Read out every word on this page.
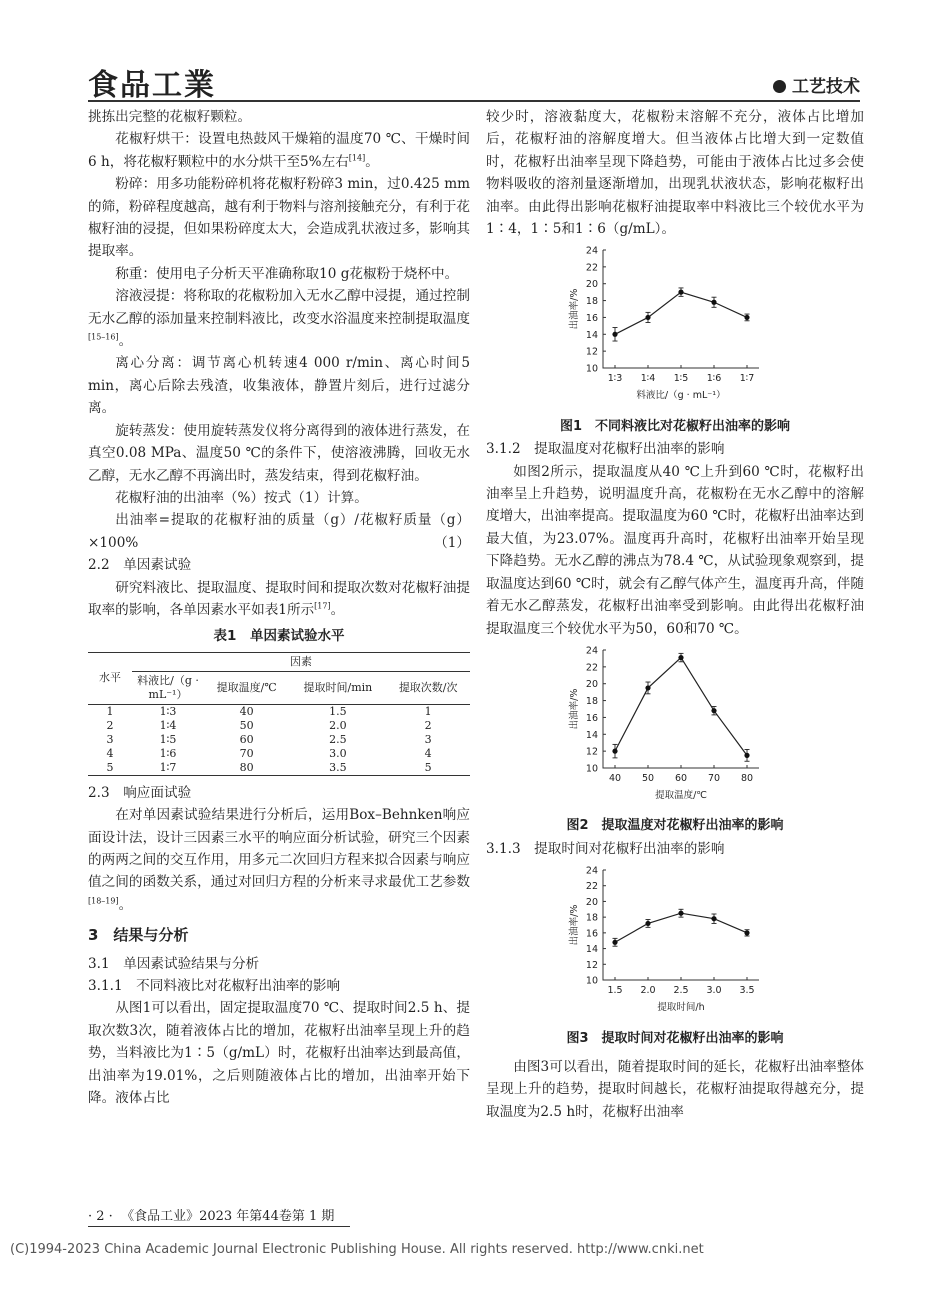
食品工業	工艺技术

挑拣出完整的花椒籽颗粒。

花椒籽烘干：设置电热鼓风干燥箱的温度70 ℃、干燥时间6 h，将花椒籽颗粒中的水分烘干至5%左右[14]。

粉碎：用多功能粉碎机将花椒籽粉碎3 min，过0.425 mm的筛，粉碎程度越高，越有利于物料与溶剂接触充分，有利于花椒籽油的浸提，但如果粉碎度太大，会造成乳状液过多，影响其提取率。

称重：使用电子分析天平准确称取10 g花椒粉于烧杯中。

溶液浸提：将称取的花椒粉加入无水乙醇中浸提，通过控制无水乙醇的添加量来控制料液比，改变水浴温度来控制提取温度[15–16]。

离心分离：调节离心机转速4 000 r/min、离心时间5 min，离心后除去残渣，收集液体，静置片刻后，进行过滤分离。

旋转蒸发：使用旋转蒸发仪将分离得到的液体进行蒸发，在真空0.08 MPa、温度50 ℃的条件下，使溶液沸腾，回收无水乙醇，无水乙醇不再滴出时，蒸发结束，得到花椒籽油。

花椒籽油的出油率（%）按式（1）计算。

出油率=提取的花椒籽油的质量（g）/花椒籽质量（g）×100%	（1）

2.2　单因素试验

研究料液比、提取温度、提取时间和提取次数对花椒籽油提取率的影响，各单因素水平如表1所示[17]。

表1　单因素试验水平
水平	因素			
	料液比/（g · mL⁻¹）	提取温度/℃	提取时间/min	提取次数/次
1	1∶3	40	1.5	1
2	1∶4	50	2.0	2
3	1∶5	60	2.5	3
4	1∶6	70	3.0	4
5	1∶7	80	3.5	5

2.3　响应面试验

在对单因素试验结果进行分析后，运用Box–Behnken响应面设计法，设计三因素三水平的响应面分析试验，研究三个因素的两两之间的交互作用，用多元二次回归方程来拟合因素与响应值之间的函数关系，通过对回归方程的分析来寻求最优工艺参数[18–19]。

3　结果与分析

3.1　单因素试验结果与分析

3.1.1　不同料液比对花椒籽出油率的影响

从图1可以看出，固定提取温度70 ℃、提取时间2.5 h、提取次数3次，随着液体占比的增加，花椒籽出油率呈现上升的趋势，当料液比为1∶5（g/mL）时，花椒籽出油率达到最高值，出油率为19.01%，之后则随液体占比的增加，出油率开始下降。液体占比

较少时，溶液黏度大，花椒粉末溶解不充分，液体占比增加后，花椒籽油的溶解度增大。但当液体占比增大到一定数值时，花椒籽出油率呈现下降趋势，可能由于液体占比过多会使物料吸收的溶剂量逐渐增加，出现乳状液状态，影响花椒籽出油率。由此得出影响花椒籽油提取率中料液比三个较优水平为1∶4，1∶5和1∶6（g/mL）。

10
12
14
16
18
20
22
24
1∶3 1∶4 1∶5 1∶6 1∶7
料液比/（g · mL⁻¹）
出油率/%
图1　不同料液比对花椒籽出油率的影响

3.1.2　提取温度对花椒籽出油率的影响

如图2所示，提取温度从40 ℃上升到60 ℃时，花椒籽出油率呈上升趋势，说明温度升高，花椒粉在无水乙醇中的溶解度增大，出油率提高。提取温度为60 ℃时，花椒籽出油率达到最大值，为23.07%。温度再升高时，花椒籽出油率开始呈现下降趋势。无水乙醇的沸点为78.4 ℃，从试验现象观察到，提取温度达到60 ℃时，就会有乙醇气体产生，温度再升高，伴随着无水乙醇蒸发，花椒籽出油率受到影响。由此得出花椒籽油提取温度三个较优水平为50，60和70 ℃。

10
12
14
16
18
20
22
24
40 50 60 70 80
提取温度/℃
出油率/%
图2　提取温度对花椒籽出油率的影响

3.1.3　提取时间对花椒籽出油率的影响

10
12
14
16
18
20
22
24
1.5 2.0 2.5 3.0 3.5
提取时间/h
出油率/%
图3　提取时间对花椒籽出油率的影响

由图3可以看出，随着提取时间的延长，花椒籽出油率整体呈现上升的趋势，提取时间越长，花椒籽油提取得越充分，提取温度为2.5 h时，花椒籽出油率

· 2 · 《食品工业》2023 年第44卷第 1 期
(C)1994-2023 China Academic Journal Electronic Publishing House. All rights reserved. http://www.cnki.net
